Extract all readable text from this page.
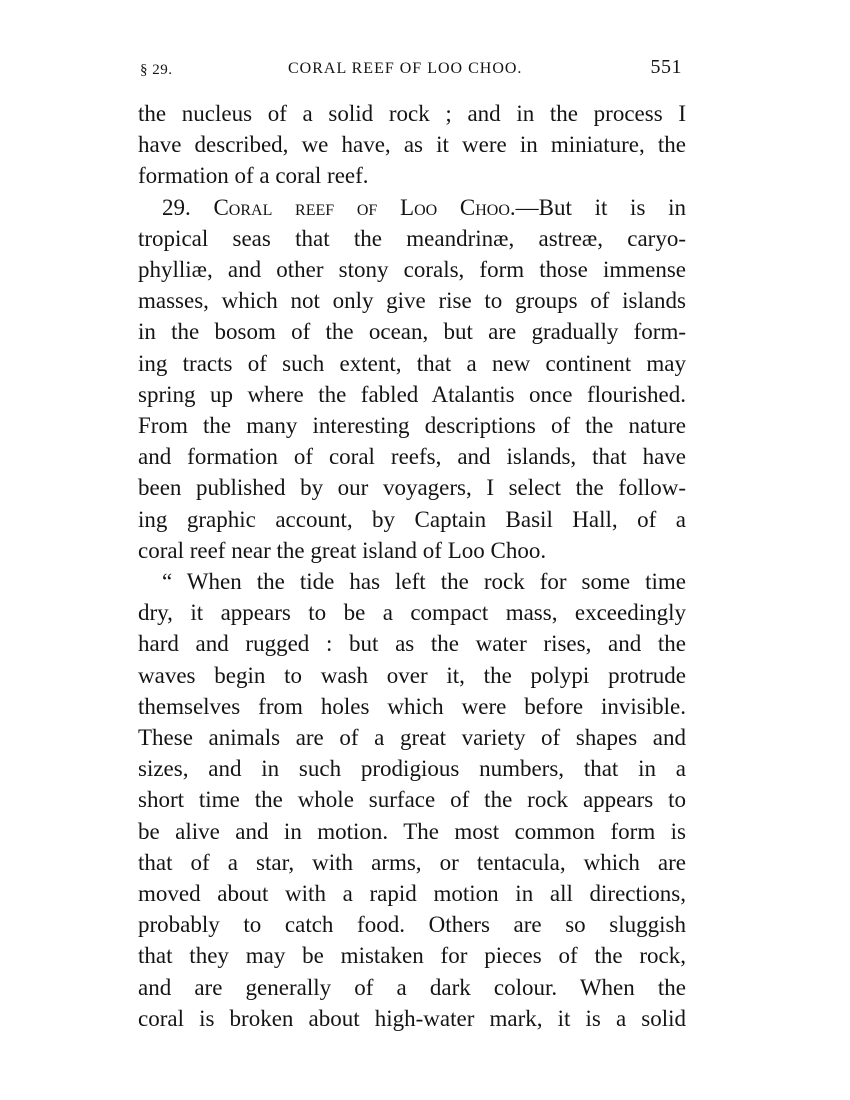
§ 29.	CORAL REEF OF LOO CHOO.	551
the nucleus of a solid rock ; and in the process I
have described, we have, as it were in miniature, the
formation of a coral reef.
29. Coral reef of Loo Choo.—But it is in
tropical seas that the meandrinæ, astreæ, caryo-
phylliæ, and other stony corals, form those immense
masses, which not only give rise to groups of islands
in the bosom of the ocean, but are gradually form-
ing tracts of such extent, that a new continent may
spring up where the fabled Atalantis once flourished.
From the many interesting descriptions of the nature
and formation of coral reefs, and islands, that have
been published by our voyagers, I select the follow-
ing graphic account, by Captain Basil Hall, of a
coral reef near the great island of Loo Choo.
“ When the tide has left the rock for some time
dry, it appears to be a compact mass, exceedingly
hard and rugged : but as the water rises, and the
waves begin to wash over it, the polypi protrude
themselves from holes which were before invisible.
These animals are of a great variety of shapes and
sizes, and in such prodigious numbers, that in a
short time the whole surface of the rock appears to
be alive and in motion. The most common form is
that of a star, with arms, or tentacula, which are
moved about with a rapid motion in all directions,
probably to catch food. Others are so sluggish
that they may be mistaken for pieces of the rock,
and are generally of a dark colour. When the
coral is broken about high-water mark, it is a solid
